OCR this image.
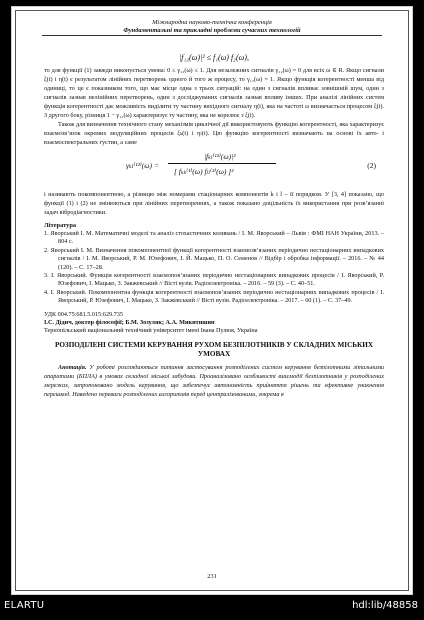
Міжнародна науково-технічна конференція
Фундаментальні та прикладні проблеми сучасних технологій
|f₁₂(ω)|² ≤ f₁(ω) f₂(ω),

то для функції (1) завжди виконується умова: 0 ≤ γ₁₂(ω) ≤ 1. Для незалежних сигналів γ₁₂(ω) = 0 для всіх ω ∈ R. Якщо сигнали ξ(t) і η(t) є результатом лінійних перетворень одного й того ж процесу, то γ₁₂(ω) = 1. Якщо функція когерентності менша від одиниці, то це є показником того, що має місце одна з трьох ситуацій: на один з сигналів впливає зовнішній шум, один з сигналів зазнав нелінійних перетворень, один з досліджуваних сигналів зазнав впливу інших. При аналізі лінійних систем функція когерентності дає можливість виділити ту частину вихідного сигналу η(t), яка на частоті ω визначається процесом ξ(t). З другого боку, різниця 1 − γ₁₂(ω) характеризує ту частину, яка не корелює з ξ(t).

Також для визначення технічного стану механізмів циклічної дії використовують функцію когерентності, яка характеризує взаємозв’язок окремих модуляційних процесів ξₖ(t) і ηₗ(t). Цю функцію когерентності визначають на основі їх авто- і взаємоспектральних густин, а саме

γₖₗ⁽¹²⁾(ω) =
|fₖₗ⁽¹²⁾(ω)|²
[ fₖₖ⁽¹⁾(ω) fₗₗ⁽²⁾(ω) ]²
(2)

і називають покомпонентною, а різницю між номерами стаціонарних компонентів k і l – її порядком. У [3, 4] показано, що функції (1) і (2) не змінюються при лінійних перетвореннях, а також показано доцільність їх використання при розв’язанні задач вібродіагностики.

Література

1. Яворський І. М. Математичні моделі та аналіз стохастичних коливань / І. М. Яворський – Львів : ФМІ НАН України, 2013. – 804 с.

2. Яворський І. М. Визначення покомпонентної функції когерентності взаємозв’язаних періодично нестаціонарних випадкових сигналів / І. М. Яворський, Р. М. Юзефович, І. Й. Мацько, П. О. Семенов // Відбір і обробка інформації. – 2016. – № 44 (120). – С. 17–28.

3. І. Яворський. Функція когерентності взаємопов’язаних періодично нестаціонарних випадкових процесів / І. Яворський, Р. Юзефович, І. Мацько, З. Закжевський // Вісті вузів. Радіоелектроніка. – 2016. – 59 (3). – С. 40–51.

4. І. Яворський. Покомпонентна функція когерентності взаємопов’язаних періодично нестаціонарних випадкових процесів / І. Яворський, Р. Юзефович, І. Мацько, З. Закжевський // Вісті вузів. Радіоелектроніка. – 2017. – 60 (1). – С. 37–49.

УДК 004.75:681.5.015:629.735
І.С. Дідич, доктор філософії; Б.М. Зозуляк; А.А. Микитишин
Тернопільський національний технічний університет імені Івана Пулюя, Україна
РОЗПОДІЛЕНІ СИСТЕМИ КЕРУВАННЯ РУХОМ БЕЗПІЛОТНИКІВ У СКЛАДНИХ МІСЬКИХ УМОВАХ

Анотація. У роботі розглядаються питання застосування розподілених систем керування безпілотними літальними апаратами (БПЛА) в умовах складної міської забудови. Проаналізовано особливості взаємодії безпілотників у розподілених мережах, запропоновано модель керування, що забезпечує автономність прийняття рішень та ефективне уникнення перешкод. Наведено переваги розподілених алгоритмів перед централізованими, зокрема в

231
ELARTU	hdl:lib/48858
